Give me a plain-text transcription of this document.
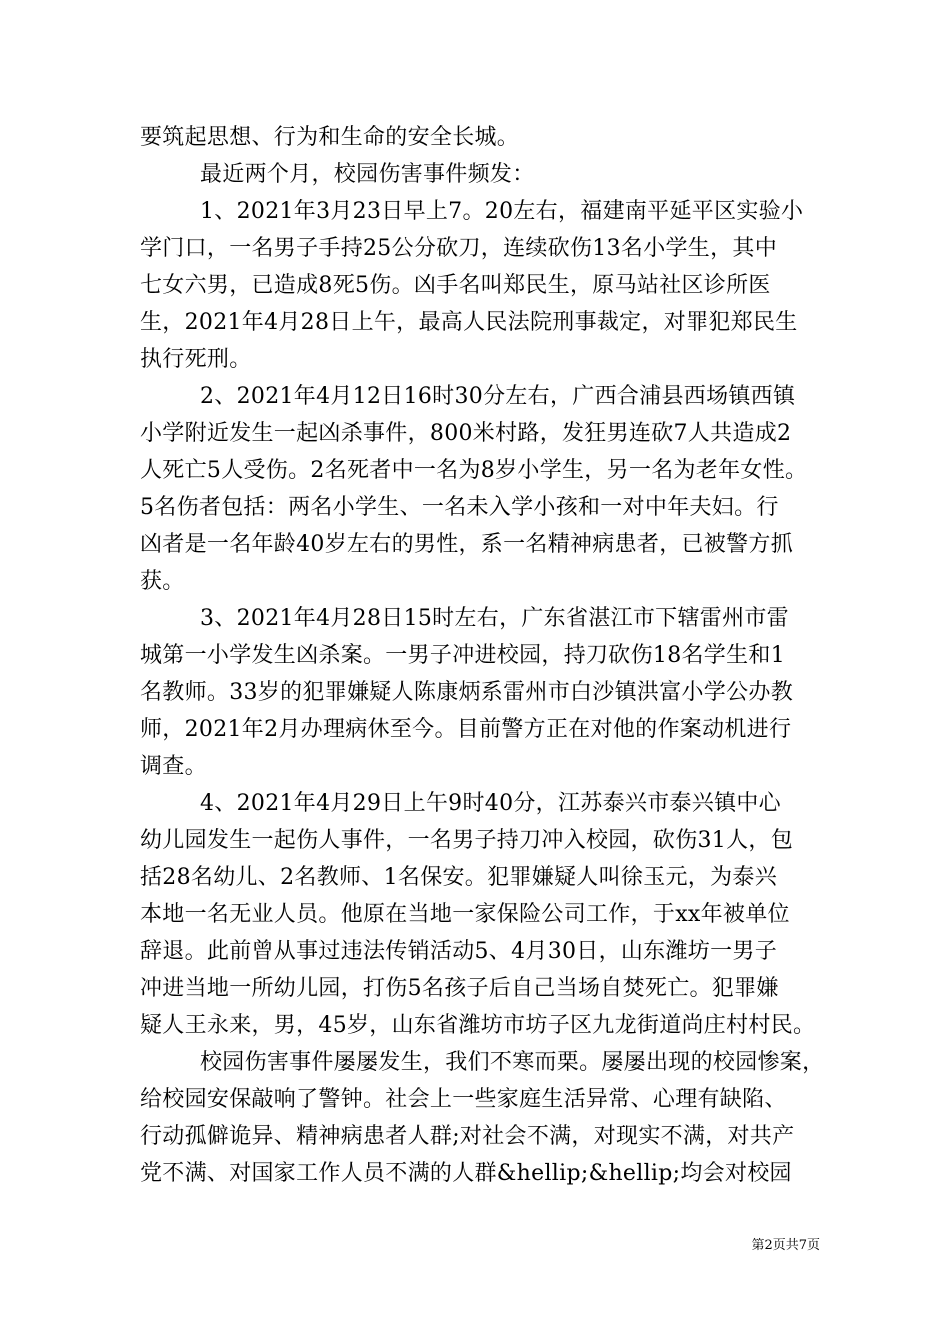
要筑起思想、行为和生命的安全长城。
最近两个月，校园伤害事件频发：
1、2021年3月23日早上7。20左右，福建南平延平区实验小
学门口，一名男子手持25公分砍刀，连续砍伤13名小学生，其中
七女六男，已造成8死5伤。凶手名叫郑民生，原马站社区诊所医
生，2021年4月28日上午，最高人民法院刑事裁定，对罪犯郑民生
执行死刑。
2、2021年4月12日16时30分左右，广西合浦县西场镇西镇
小学附近发生一起凶杀事件，800米村路，发狂男连砍7人共造成2
人死亡5人受伤。2名死者中一名为8岁小学生，另一名为老年女性。
5名伤者包括：两名小学生、一名未入学小孩和一对中年夫妇。行
凶者是一名年龄40岁左右的男性，系一名精神病患者，已被警方抓
获。
3、2021年4月28日15时左右，广东省湛江市下辖雷州市雷
城第一小学发生凶杀案。一男子冲进校园，持刀砍伤18名学生和1
名教师。33岁的犯罪嫌疑人陈康炳系雷州市白沙镇洪富小学公办教
师，2021年2月办理病休至今。目前警方正在对他的作案动机进行
调查。
4、2021年4月29日上午9时40分，江苏泰兴市泰兴镇中心
幼儿园发生一起伤人事件，一名男子持刀冲入校园，砍伤31人，包
括28名幼儿、2名教师、1名保安。犯罪嫌疑人叫徐玉元，为泰兴
本地一名无业人员。他原在当地一家保险公司工作，于xx年被单位
辞退。此前曾从事过违法传销活动5、4月30日，山东潍坊一男子
冲进当地一所幼儿园，打伤5名孩子后自己当场自焚死亡。犯罪嫌
疑人王永来，男，45岁，山东省潍坊市坊子区九龙街道尚庄村村民。
校园伤害事件屡屡发生，我们不寒而栗。屡屡出现的校园惨案，
给校园安保敲响了警钟。社会上一些家庭生活异常、心理有缺陷、
行动孤僻诡异、精神病患者人群;对社会不满，对现实不满，对共产
党不满、对国家工作人员不满的人群&hellip;&hellip;均会对校园
第2页共7页
